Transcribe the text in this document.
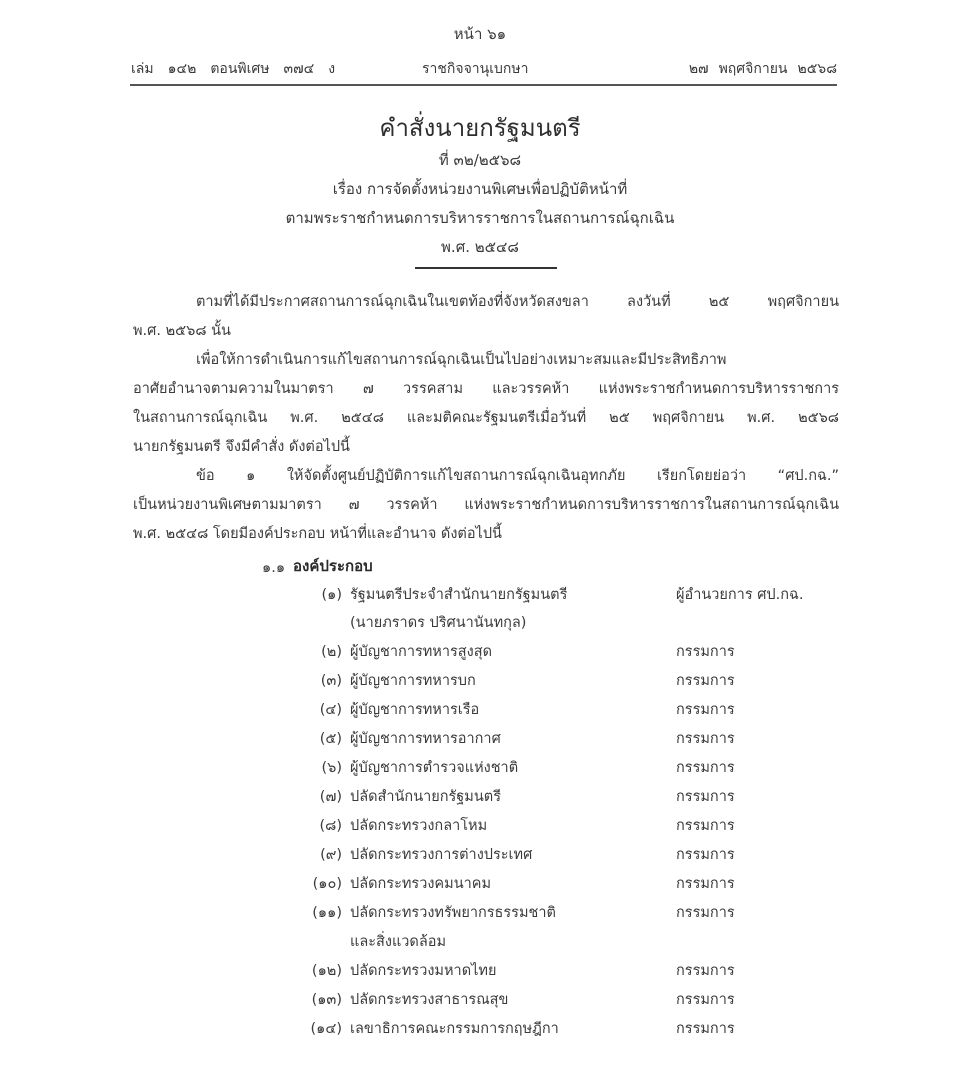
หน้า ๖๑
เล่ม ๑๔๒ ตอนพิเศษ ๓๗๔ ง	ราชกิจจานุเบกษา	๒๗ พฤศจิกายน ๒๕๖๘
คำสั่งนายกรัฐมนตรี
ที่ ๓๒/๒๕๖๘
เรื่อง การจัดตั้งหน่วยงานพิเศษเพื่อปฏิบัติหน้าที่
ตามพระราชกำหนดการบริหารราชการในสถานการณ์ฉุกเฉิน
พ.ศ. ๒๕๔๘
ตามที่ได้มีประกาศสถานการณ์ฉุกเฉินในเขตท้องที่จังหวัดสงขลา ลงวันที่ ๒๕ พฤศจิกายน
พ.ศ. ๒๕๖๘ นั้น
เพื่อให้การดำเนินการแก้ไขสถานการณ์ฉุกเฉินเป็นไปอย่างเหมาะสมและมีประสิทธิภาพ
อาศัยอำนาจตามความในมาตรา ๗ วรรคสาม และวรรคห้า แห่งพระราชกำหนดการบริหารราชการ
ในสถานการณ์ฉุกเฉิน พ.ศ. ๒๕๔๘ และมติคณะรัฐมนตรีเมื่อวันที่ ๒๕ พฤศจิกายน พ.ศ. ๒๕๖๘
นายกรัฐมนตรี จึงมีคำสั่ง ดังต่อไปนี้
ข้อ ๑ ให้จัดตั้งศูนย์ปฏิบัติการแก้ไขสถานการณ์ฉุกเฉินอุทกภัย เรียกโดยย่อว่า “ศป.กฉ.”
เป็นหน่วยงานพิเศษตามมาตรา ๗ วรรคห้า แห่งพระราชกำหนดการบริหารราชการในสถานการณ์ฉุกเฉิน
พ.ศ. ๒๕๔๘ โดยมีองค์ประกอบ หน้าที่และอำนาจ ดังต่อไปนี้
๑.๑ องค์ประกอบ
(๑) รัฐมนตรีประจำสำนักนายกรัฐมนตรี	ผู้อำนวยการ ศป.กฉ.
(นายภราดร ปริศนานันทกุล)
(๒) ผู้บัญชาการทหารสูงสุด	กรรมการ
(๓) ผู้บัญชาการทหารบก	กรรมการ
(๔) ผู้บัญชาการทหารเรือ	กรรมการ
(๕) ผู้บัญชาการทหารอากาศ	กรรมการ
(๖) ผู้บัญชาการตำรวจแห่งชาติ	กรรมการ
(๗) ปลัดสำนักนายกรัฐมนตรี	กรรมการ
(๘) ปลัดกระทรวงกลาโหม	กรรมการ
(๙) ปลัดกระทรวงการต่างประเทศ	กรรมการ
(๑๐) ปลัดกระทรวงคมนาคม	กรรมการ
(๑๑) ปลัดกระทรวงทรัพยากรธรรมชาติ	กรรมการ
และสิ่งแวดล้อม
(๑๒) ปลัดกระทรวงมหาดไทย	กรรมการ
(๑๓) ปลัดกระทรวงสาธารณสุข	กรรมการ
(๑๔) เลขาธิการคณะกรรมการกฤษฎีกา	กรรมการ
